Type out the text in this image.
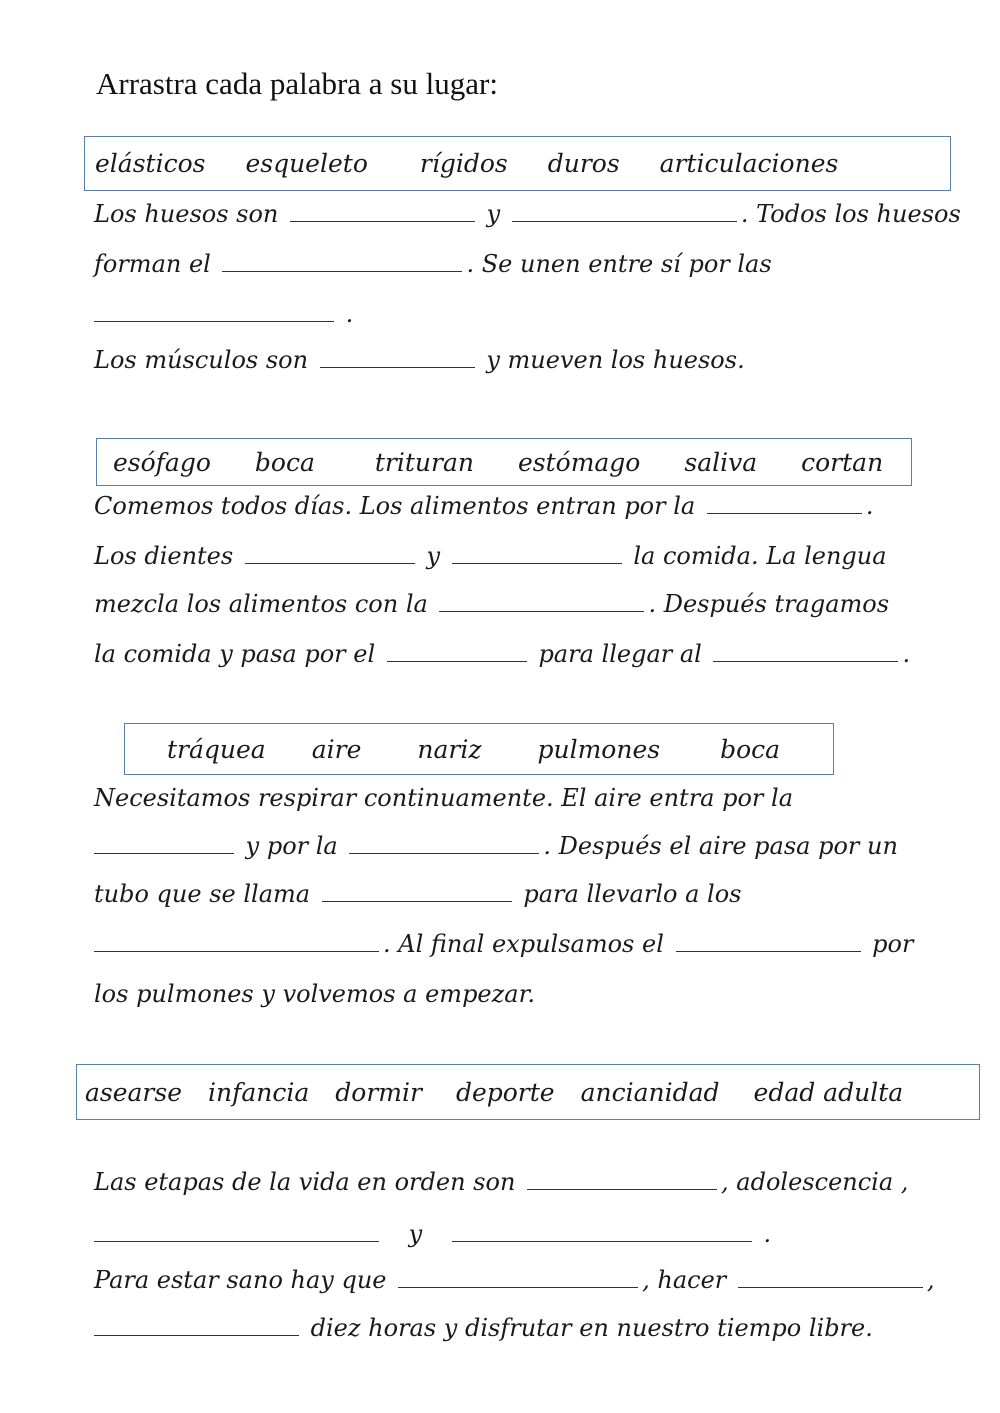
Arrastra cada palabra a su lugar:
elásticos esqueleto rígidos duros articulaciones
Los huesos son	y	. Todos los huesos
forman el	. Se unen entre sí por las
.
Los músculos son	y mueven los huesos.
esófago boca trituran estómago saliva cortan
Comemos todos días. Los alimentos entran por la	.
Los dientes	y	la comida. La lengua
mezcla los alimentos con la	. Después tragamos
la comida y pasa por el	para llegar al	.
tráquea aire nariz pulmones boca
Necesitamos respirar continuamente. El aire entra por la
y por la	. Después el aire pasa por un
tubo que se llama	para llevarlo a los
. Al final expulsamos el	por
los pulmones y volvemos a empezar.
asearse infancia dormir deporte ancianidad edad adulta
Las etapas de la vida en orden son	, adolescencia ,
y	.
Para estar sano hay que	, hacer	,
diez horas y disfrutar en nuestro tiempo libre.
